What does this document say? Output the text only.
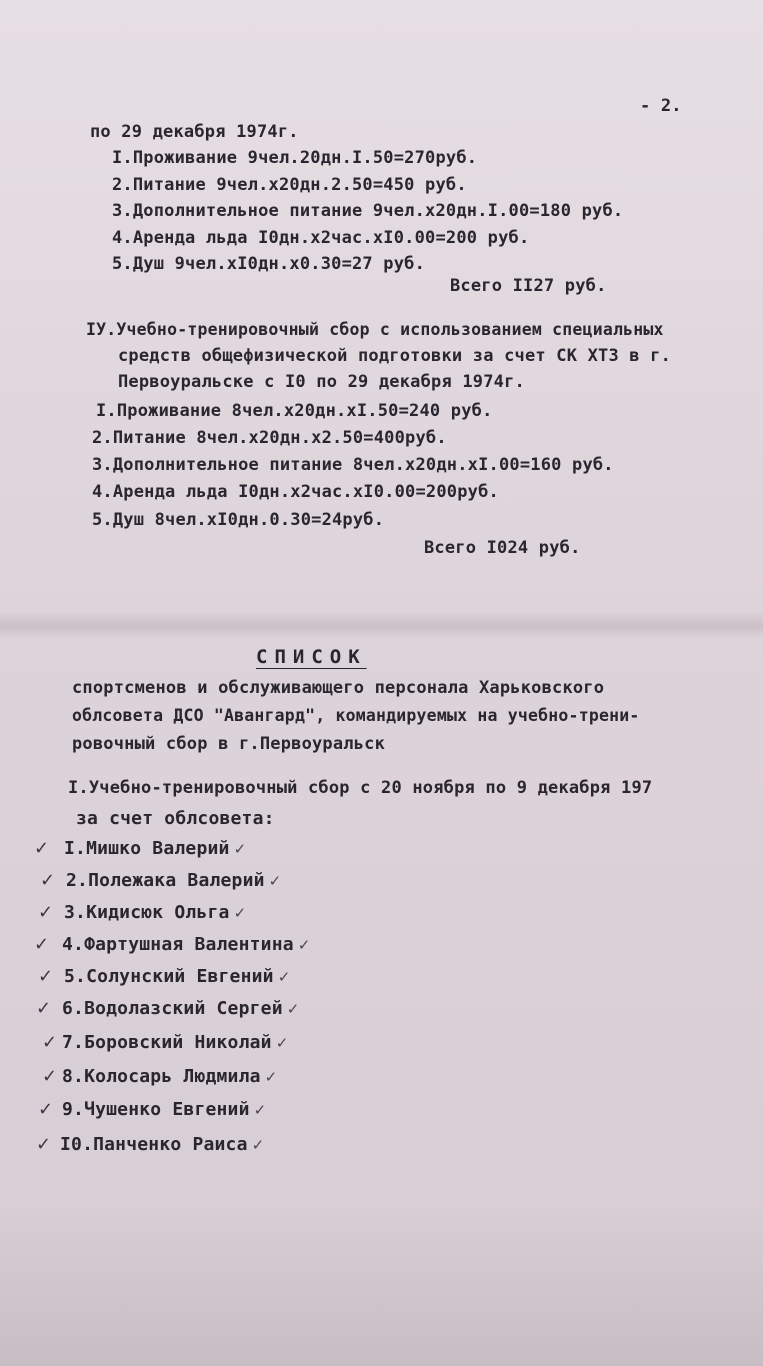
- 2.
по 29 декабря 1974г.
I.Проживание 9чел.20дн.I.50=270руб.
2.Питание 9чел.х20дн.2.50=450 руб.
3.Дополнительное питание 9чел.х20дн.I.00=180 руб.
4.Аренда льда I0дн.х2час.хI0.00=200 руб.
5.Душ 9чел.хI0дн.х0.30=27 руб.
Всего II27 руб.
IУ.Учебно-тренировочный сбор с использованием специальных
средств общефизической подготовки за счет СК ХТЗ в г.
Первоуральске с I0 по 29 декабря 1974г.
I.Проживание 8чел.х20дн.хI.50=240 руб.
2.Питание 8чел.х20дн.х2.50=400руб.
3.Дополнительное питание 8чел.х20дн.хI.00=160 руб.
4.Аренда льда I0дн.х2час.хI0.00=200руб.
5.Душ 8чел.хI0дн.0.30=24руб.
Всего I024 руб.
СПИСОК
спортсменов и обслуживающего персонала Харьковского
облсовета ДСО "Авангард", командируемых на учебно-трени-
ровочный сбор в г.Первоуральск
I.Учебно-тренировочный сбор с 20 ноября по 9 декабря 197
за счет облсовета:
✓ I.Мишко Валерий ✓
✓ 2.Полежака Валерий ✓
✓ 3.Кидисюк Ольга ✓
✓ 4.Фартушная Валентина ✓
✓ 5.Солунский Евгений ✓
✓ 6.Водолазский Сергей ✓
✓ 7.Боровский Николай ✓
✓ 8.Колосарь Людмила ✓
✓ 9.Чушенко Евгений ✓
✓ I0.Панченко Раиса ✓
